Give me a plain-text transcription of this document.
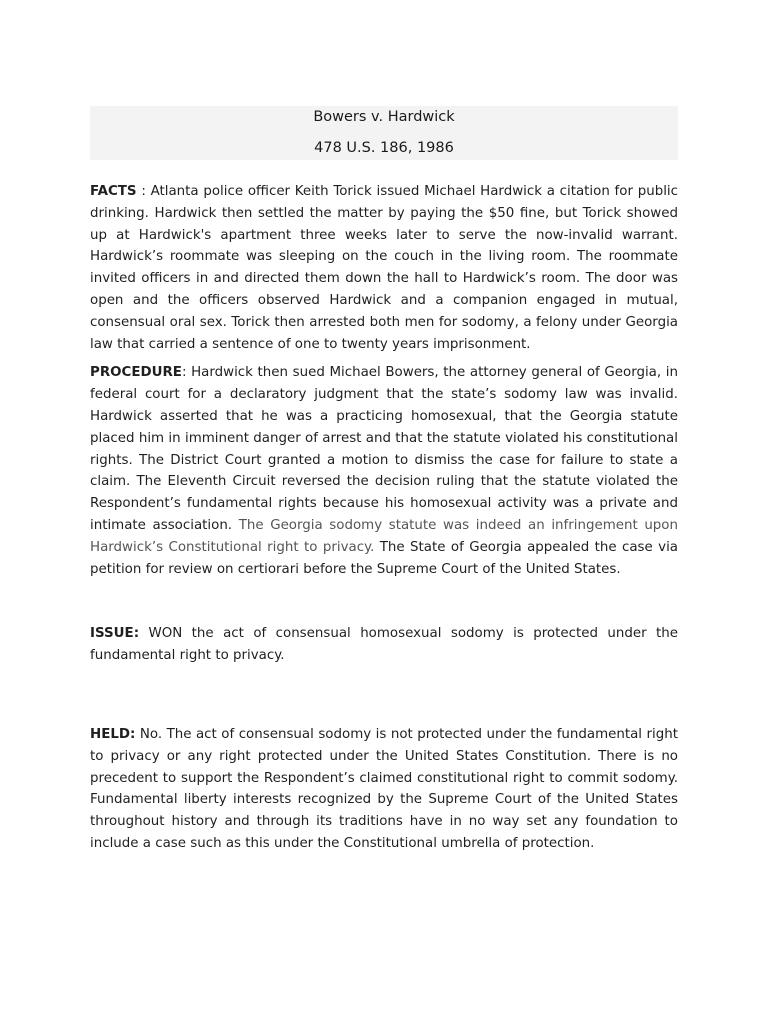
Bowers v. Hardwick
478 U.S. 186, 1986

FACTS : Atlanta police officer Keith Torick issued Michael Hardwick a citation for public drinking. Hardwick then settled the matter by paying the $50 fine, but Torick showed up at Hardwick's apartment three weeks later to serve the now-invalid warrant. Hardwick’s roommate was sleeping on the couch in the living room. The roommate invited officers in and directed them down the hall to Hardwick’s room. The door was open and the officers observed Hardwick and a companion engaged in mutual, consensual oral sex. Torick then arrested both men for sodomy, a felony under Georgia law that carried a sentence of one to twenty years imprisonment.

PROCEDURE: Hardwick then sued Michael Bowers, the attorney general of Georgia, in federal court for a declaratory judgment that the state’s sodomy law was invalid. Hardwick asserted that he was a practicing homosexual, that the Georgia statute placed him in imminent danger of arrest and that the statute violated his constitutional rights. The District Court granted a motion to dismiss the case for failure to state a claim. The Eleventh Circuit reversed the decision ruling that the statute violated the Respondent’s fundamental rights because his homosexual activity was a private and intimate association. The Georgia sodomy statute was indeed an infringement upon Hardwick’s Constitutional right to privacy. The State of Georgia appealed the case via petition for review on certiorari before the Supreme Court of the United States.

ISSUE: WON the act of consensual homosexual sodomy is protected under the fundamental right to privacy.

HELD: No. The act of consensual sodomy is not protected under the fundamental right to privacy or any right protected under the United States Constitution. There is no precedent to support the Respondent’s claimed constitutional right to commit sodomy. Fundamental liberty interests recognized by the Supreme Court of the United States throughout history and through its traditions have in no way set any foundation to include a case such as this under the Constitutional umbrella of protection.
